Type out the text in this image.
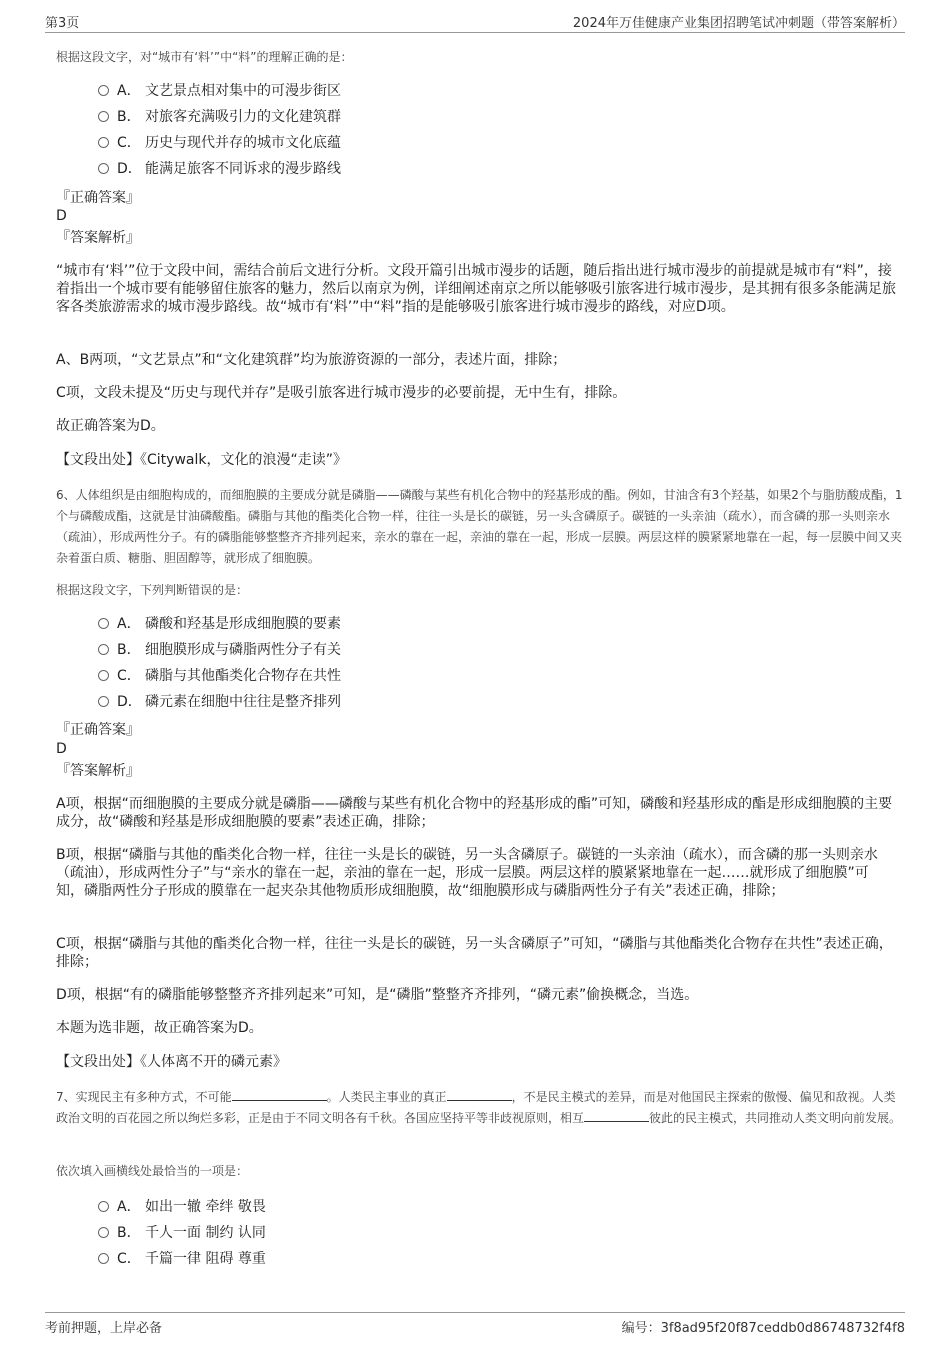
第3页	2024年万佳健康产业集团招聘笔试冲刺题（带答案解析）
根据这段文字，对“城市有‘料’”中“料”的理解正确的是：
A． 文艺景点相对集中的可漫步街区
B． 对旅客充满吸引力的文化建筑群
C． 历史与现代并存的城市文化底蕴
D． 能满足旅客不同诉求的漫步路线
『正确答案』
D
『答案解析』
“城市有‘料’”位于文段中间，需结合前后文进行分析。文段开篇引出城市漫步的话题，随后指出进行城市漫步的前提就是城市有“料”，接着指出一个城市要有能够留住旅客的魅力，然后以南京为例，详细阐述南京之所以能够吸引旅客进行城市漫步，是其拥有很多条能满足旅客各类旅游需求的城市漫步路线。故“城市有‘料’”中“料”指的是能够吸引旅客进行城市漫步的路线，对应D项。
A、B两项，“文艺景点”和“文化建筑群”均为旅游资源的一部分，表述片面，排除；
C项，文段未提及“历史与现代并存”是吸引旅客进行城市漫步的必要前提，无中生有，排除。
故正确答案为D。
【文段出处】《Citywalk，文化的浪漫“走读”》
6、人体组织是由细胞构成的，而细胞膜的主要成分就是磷脂——磷酸与某些有机化合物中的羟基形成的酯。例如，甘油含有3个羟基，如果2个与脂肪酸成酯，1个与磷酸成酯，这就是甘油磷酸酯。磷脂与其他的酯类化合物一样，往往一头是长的碳链，另一头含磷原子。碳链的一头亲油（疏水），而含磷的那一头则亲水（疏油），形成两性分子。有的磷脂能够整整齐齐排列起来，亲水的靠在一起，亲油的靠在一起，形成一层膜。两层这样的膜紧紧地靠在一起，每一层膜中间又夹杂着蛋白质、糖脂、胆固醇等，就形成了细胞膜。
根据这段文字，下列判断错误的是：
A． 磷酸和羟基是形成细胞膜的要素
B． 细胞膜形成与磷脂两性分子有关
C． 磷脂与其他酯类化合物存在共性
D． 磷元素在细胞中往往是整齐排列
『正确答案』
D
『答案解析』
A项，根据“而细胞膜的主要成分就是磷脂——磷酸与某些有机化合物中的羟基形成的酯”可知，磷酸和羟基形成的酯是形成细胞膜的主要成分，故“磷酸和羟基是形成细胞膜的要素”表述正确，排除；
B项，根据“磷脂与其他的酯类化合物一样，往往一头是长的碳链，另一头含磷原子。碳链的一头亲油（疏水），而含磷的那一头则亲水（疏油），形成两性分子”与“亲水的靠在一起，亲油的靠在一起，形成一层膜。两层这样的膜紧紧地靠在一起……就形成了细胞膜”可知，磷脂两性分子形成的膜靠在一起夹杂其他物质形成细胞膜，故“细胞膜形成与磷脂两性分子有关”表述正确，排除；
C项，根据“磷脂与其他的酯类化合物一样，往往一头是长的碳链，另一头含磷原子”可知，“磷脂与其他酯类化合物存在共性”表述正确，排除；
D项，根据“有的磷脂能够整整齐齐排列起来”可知，是“磷脂”整整齐齐排列，“磷元素”偷换概念，当选。
本题为选非题，故正确答案为D。
【文段出处】《人体离不开的磷元素》
7、实现民主有多种方式，不可能	。人类民主事业的真正	，不是民主模式的差异，而是对他国民主探索的傲慢、偏见和敌视。人类政治文明的百花园之所以绚烂多彩，正是由于不同文明各有千秋。各国应坚持平等非歧视原则，相互	彼此的民主模式，共同推动人类文明向前发展。
依次填入画横线处最恰当的一项是：
A． 如出一辙 牵绊 敬畏
B． 千人一面 制约 认同
C． 千篇一律 阻碍 尊重
考前押题，上岸必备	编号：3f8ad95f20f87ceddb0d86748732f4f8
